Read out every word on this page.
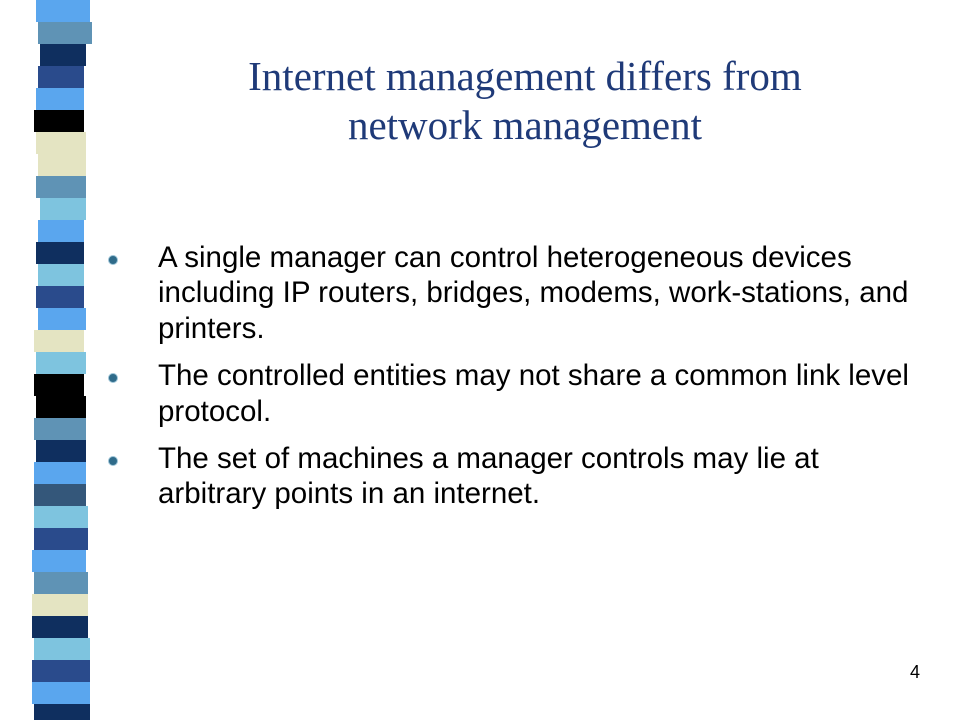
Internet management differs from
network management
A single manager can control heterogeneous devices including IP routers, bridges, modems, work-stations, and printers.
The controlled entities may not share a common link level protocol.
The set of machines a manager controls may lie at arbitrary points in an internet.
4
